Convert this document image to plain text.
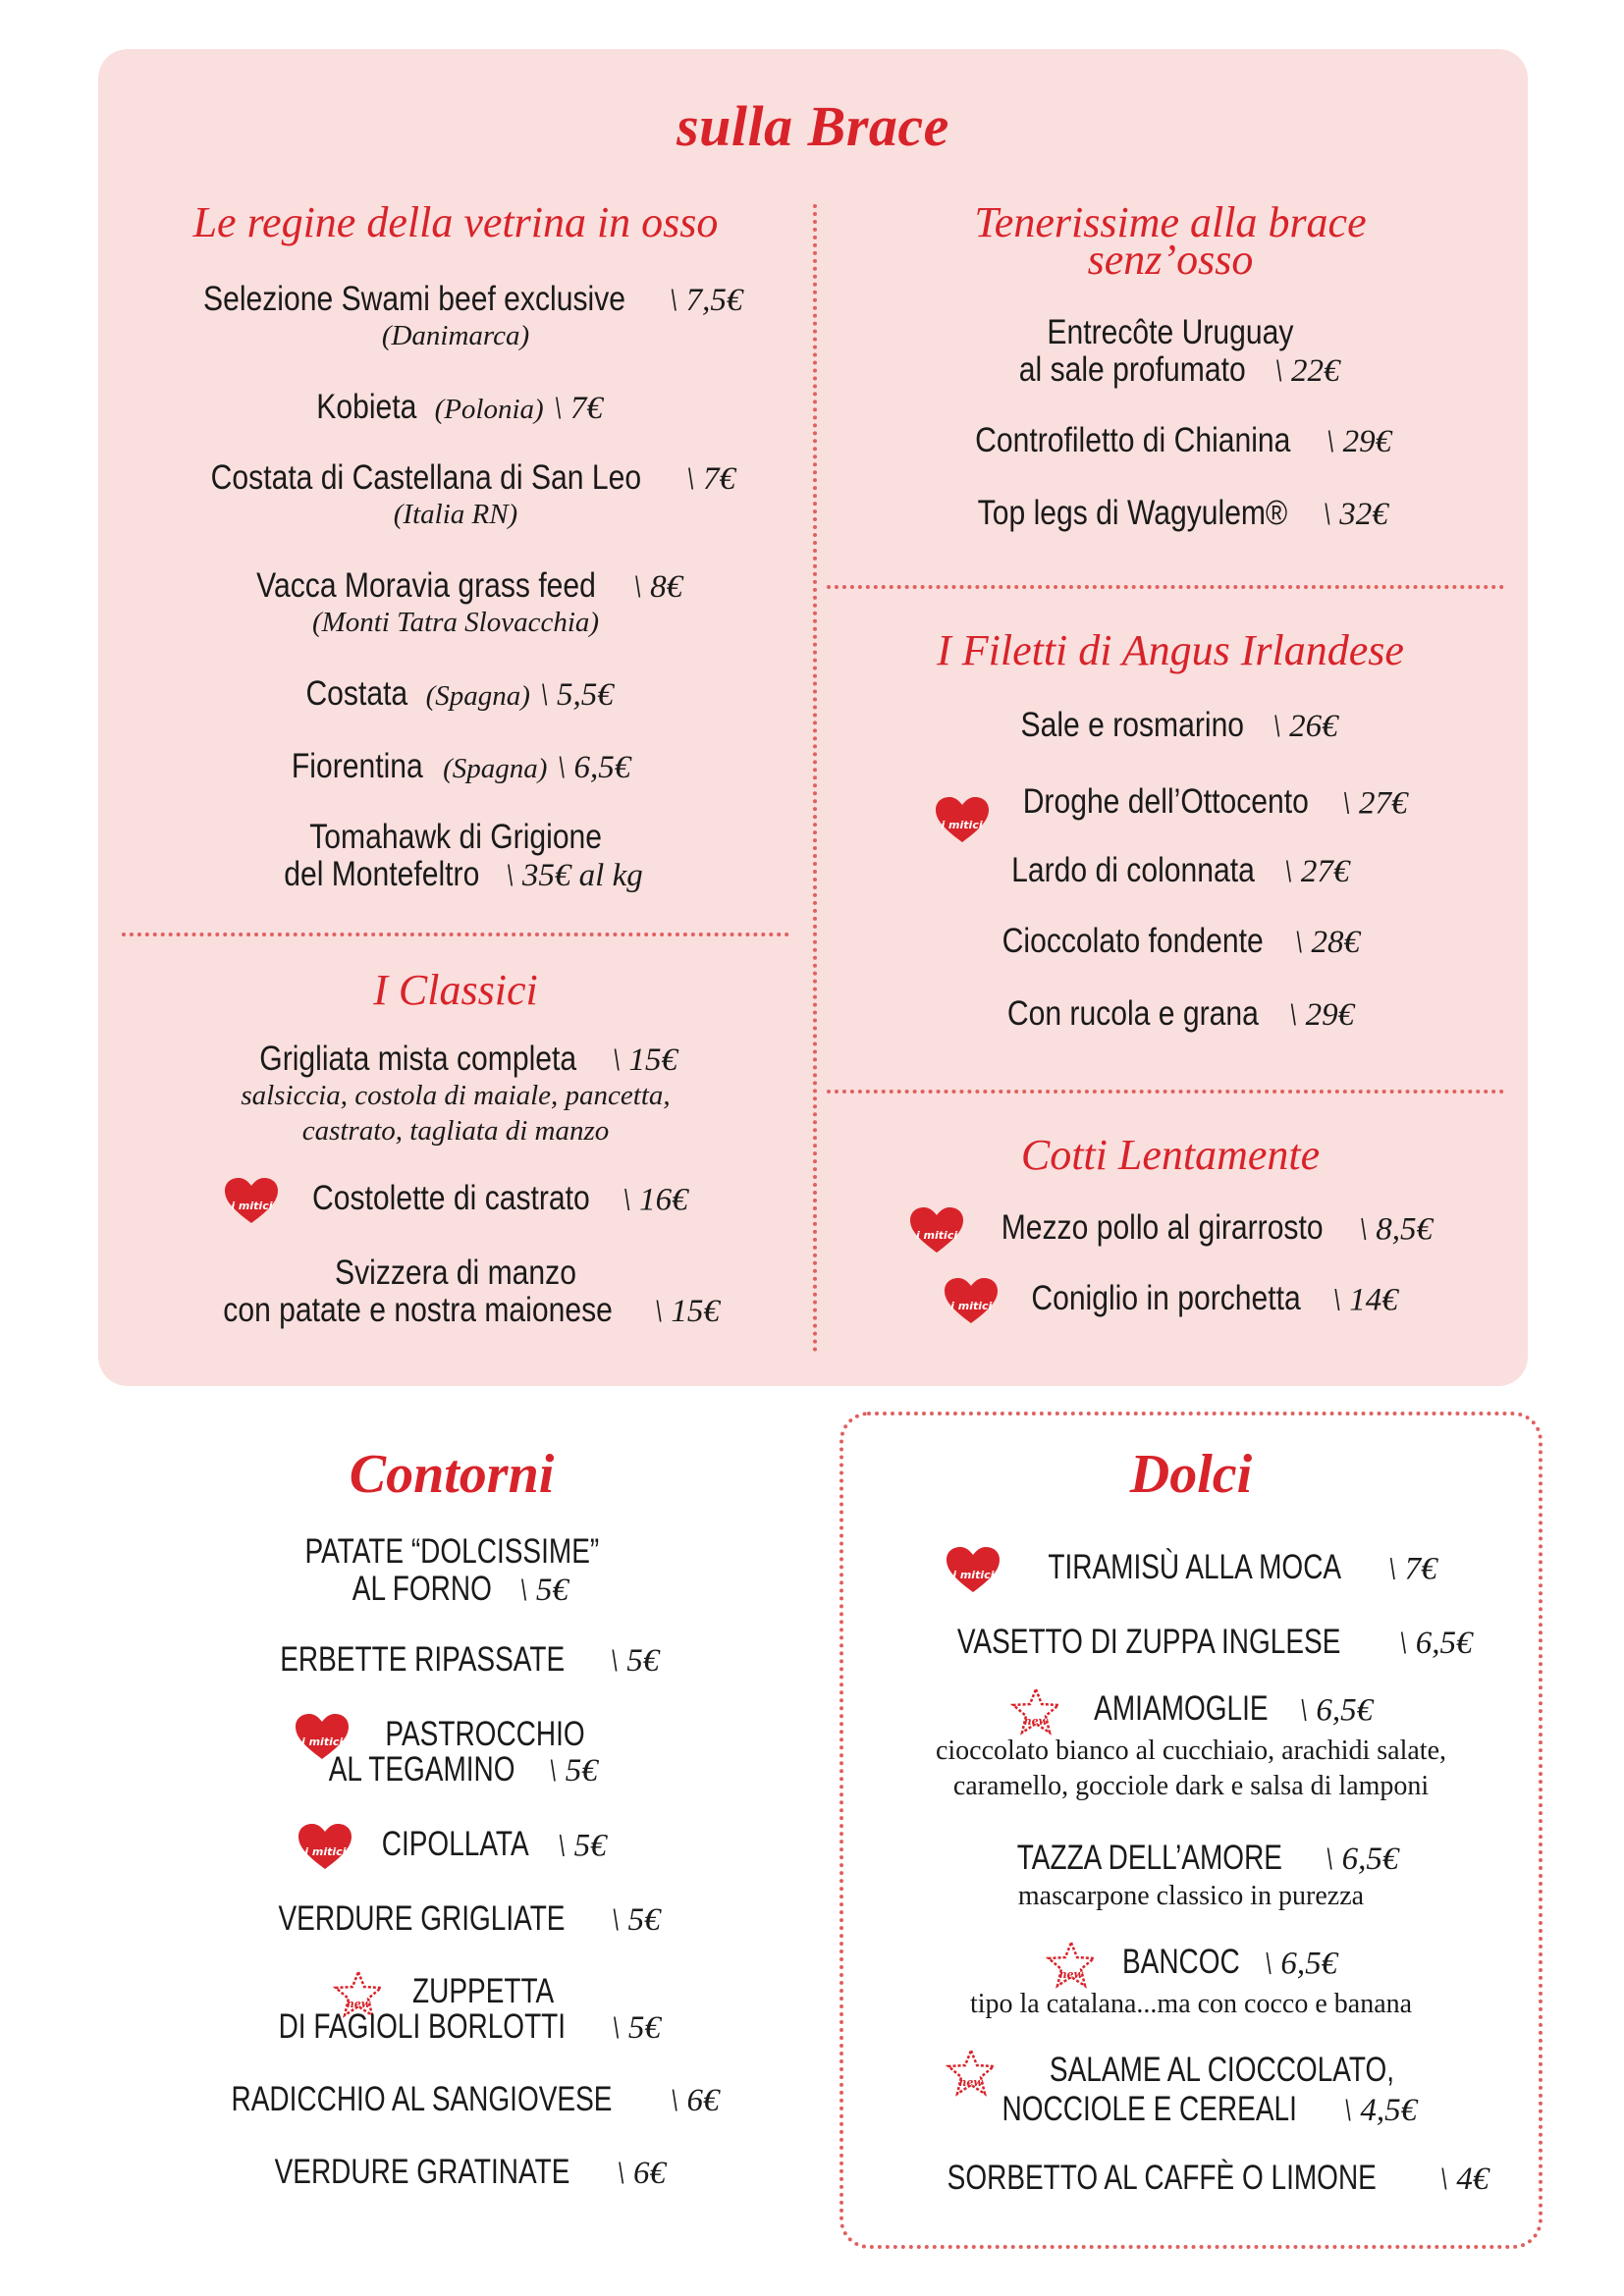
sulla Brace
Le regine della vetrina in osso
Selezione Swami beef exclusive \ 7,5€
(Danimarca)
Kobieta (Polonia) \ 7€
Costata di Castellana di San Leo \ 7€
(Italia RN)
Vacca Moravia grass feed \ 8€
(Monti Tatra Slovacchia)
Costata (Spagna) \ 5,5€
Fiorentina (Spagna) \ 6,5€
Tomahawk di Grigione
del Montefeltro \ 35€ al kg
I Classici
Grigliata mista completa \ 15€
salsiccia, costola di maiale, pancetta,
castrato, tagliata di manzo
i mitici Costolette di castrato \ 16€
Svizzera di manzo
con patate e nostra maionese \ 15€
Tenerissime alla brace
senz’osso
Entrecôte Uruguay
al sale profumato \ 22€
Controfiletto di Chianina \ 29€
Top legs di Wagyulem® \ 32€
I Filetti di Angus Irlandese
Sale e rosmarino \ 26€
i mitici
Droghe dell’Ottocento \ 27€
Lardo di colonnata \ 27€
Cioccolato fondente \ 28€
Con rucola e grana \ 29€
Cotti Lentamente
i mitici Mezzo pollo al girarrosto \ 8,5€
i mitici Coniglio in porchetta \ 14€
Contorni
PATATE “DOLCISSIME”
AL FORNO \ 5€
ERBETTE RIPASSATE \ 5€
i mitici PASTROCCHIO
AL TEGAMINO \ 5€
i mitici CIPOLLATA \ 5€
VERDURE GRIGLIATE \ 5€
new	ZUPPETTA
DI FAGIOLI BORLOTTI \ 5€
RADICCHIO AL SANGIOVESE \ 6€
VERDURE GRATINATE \ 6€
Dolci
i mitici TIRAMISÙ ALLA MOCA \ 7€
VASETTO DI ZUPPA INGLESE \ 6,5€
new	AMIAMOGLIE \ 6,5€
cioccolato bianco al cucchiaio, arachidi salate,
caramello, gocciole dark e salsa di lamponi
TAZZA DELL’AMORE \ 6,5€
mascarpone classico in purezza
new	BANCOC \ 6,5€
tipo la catalana...ma con cocco e banana
new	SALAME AL CIOCCOLATO,
NOCCIOLE E CEREALI \ 4,5€
SORBETTO AL CAFFÈ O LIMONE \ 4€
